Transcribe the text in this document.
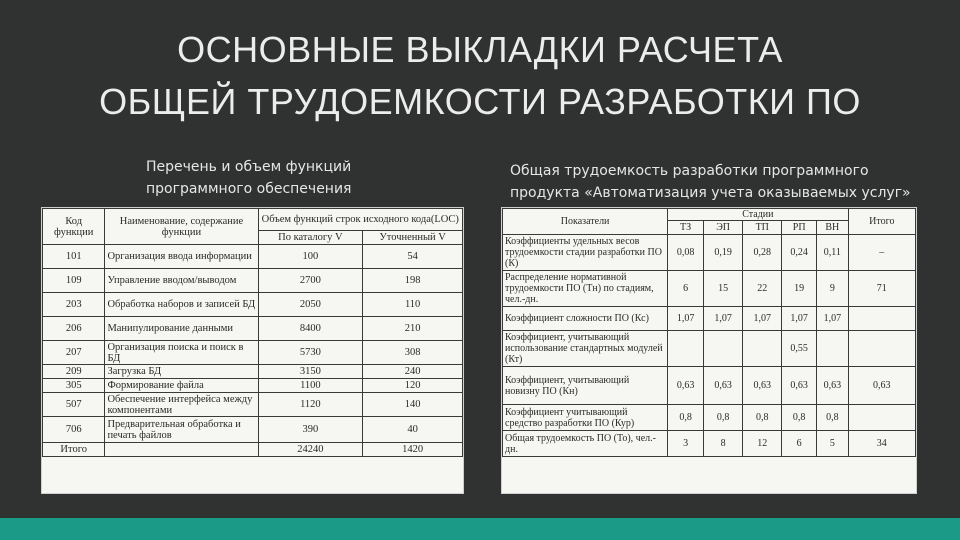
ОСНОВНЫЕ ВЫКЛАДКИ РАСЧЕТА
ОБЩЕЙ ТРУДОЕМКОСТИ РАЗРАБОТКИ ПО
Перечень и объем функций
программного обеспечения
Общая трудоемкость разработки программного
продукта «Автоматизация учета оказываемых услуг»
Код функции	Наименование, содержание функции	Объем функций строк исходного кода(LOC)	
		По каталогу V	Уточненный V
101	Организация ввода информации	100	54
109	Управление вводом/выводом	2700	198
203	Обработка наборов и записей БД	2050	110
206	Манипулирование данными	8400	210
207	Организация поиска и поиск в БД	5730	308
209	Загрузка БД	3150	240
305	Формирование файла	1100	120
507	Обеспечение интерфейса между компонентами	1120	140
706	Предварительная обработка и печать файлов	390	40
Итого		24240	1420
Показатели	Стадии					Итого
	ТЗ	ЭП	ТП	РП	ВН	
Коэффициенты удельных весов трудоемкости стадии разработки ПО (К)	0,08	0,19	0,28	0,24	0,11	–
Распределение нормативной трудоемкости ПО (Тн) по стадиям, чел.-дн.	6	15	22	19	9	71
Коэффициент сложности ПО (Кс)	1,07	1,07	1,07	1,07	1,07	
Коэффициент, учитывающий использование стандартных модулей (Кт)				0,55		
Коэффициент, учитывающий новизну ПО (Кн)	0,63	0,63	0,63	0,63	0,63	0,63
Коэффициент учитывающий средство разработки ПО (Кур)	0,8	0,8	0,8	0,8	0,8	
Общая трудоемкость ПО (То), чел.-дн.	3	8	12	6	5	34
